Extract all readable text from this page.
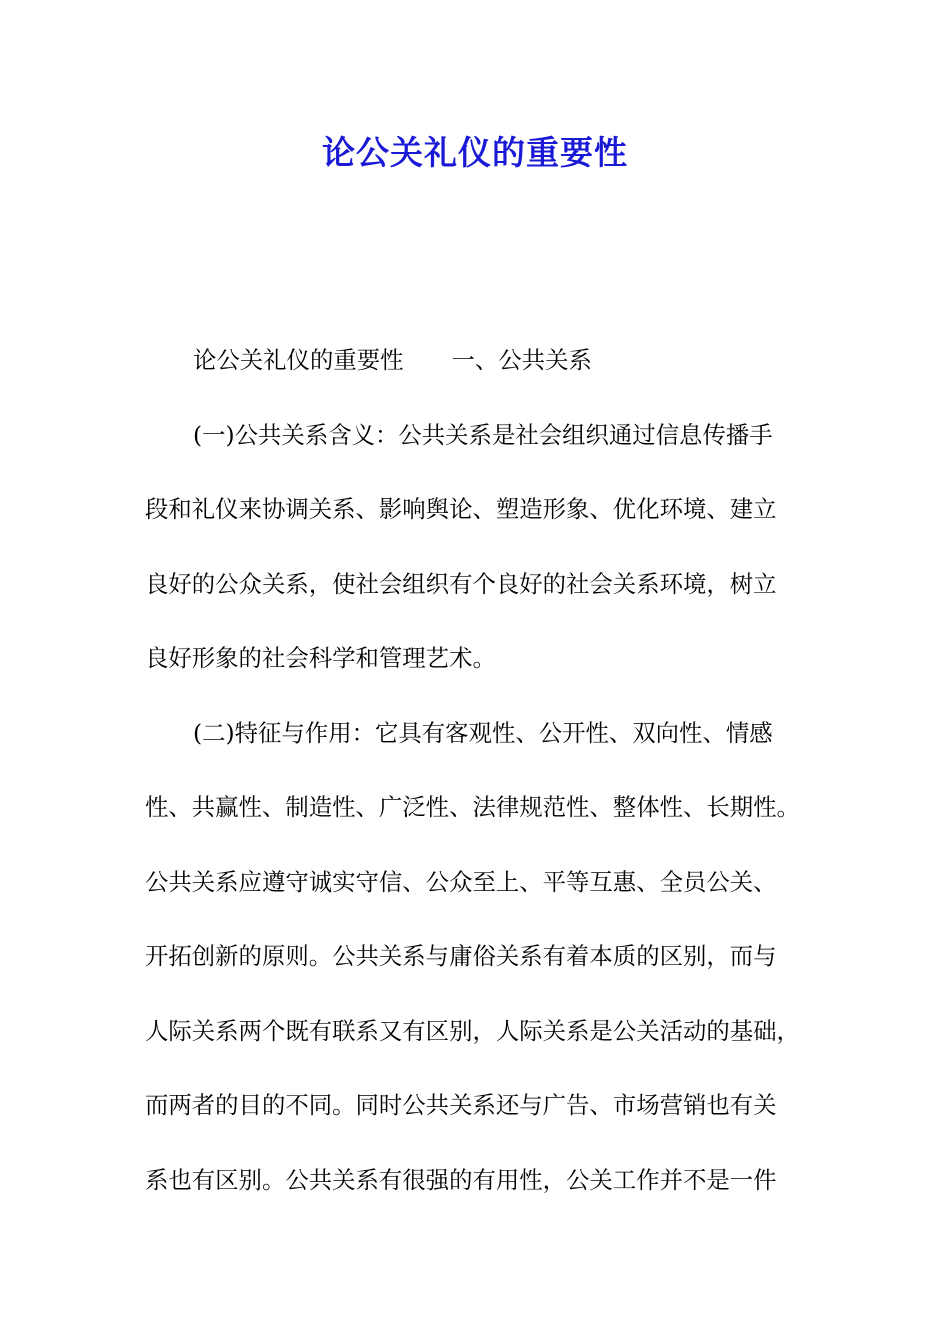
论公关礼仪的重要性
论公关礼仪的重要性 一、公共关系
(一)公共关系含义：公共关系是社会组织通过信息传播手
段和礼仪来协调关系、影响舆论、塑造形象、优化环境、建立
良好的公众关系，使社会组织有个良好的社会关系环境，树立
良好形象的社会科学和管理艺术。
(二)特征与作用：它具有客观性、公开性、双向性、情感
性、共赢性、制造性、广泛性、法律规范性、整体性、长期性。
公共关系应遵守诚实守信、公众至上、平等互惠、全员公关、
开拓创新的原则。公共关系与庸俗关系有着本质的区别，而与
人际关系两个既有联系又有区别，人际关系是公关活动的基础，
而两者的目的不同。同时公共关系还与广告、市场营销也有关
系也有区别。公共关系有很强的有用性，公关工作并不是一件
